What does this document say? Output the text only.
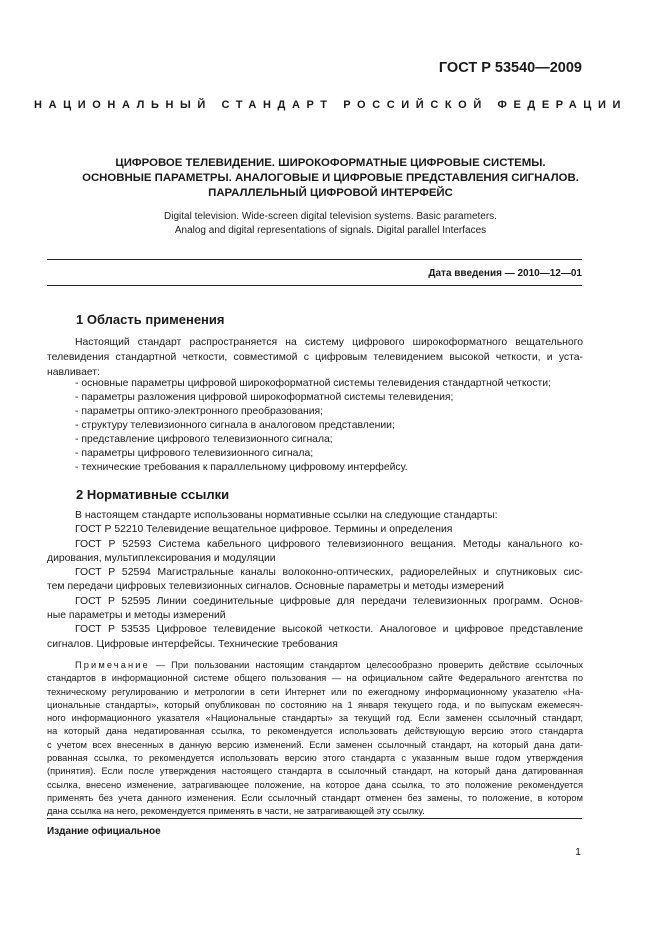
ГОСТ Р 53540—2009
НАЦИОНАЛЬНЫЙ СТАНДАРТ РОССИЙСКОЙ ФЕДЕРАЦИИ
ЦИФРОВОЕ ТЕЛЕВИДЕНИЕ. ШИРОКОФОРМАТНЫЕ ЦИФРОВЫЕ СИСТЕМЫ.
ОСНОВНЫЕ ПАРАМЕТРЫ. АНАЛОГОВЫЕ И ЦИФРОВЫЕ ПРЕДСТАВЛЕНИЯ СИГНАЛОВ.
ПАРАЛЛЕЛЬНЫЙ ЦИФРОВОЙ ИНТЕРФЕЙС
Digital television. Wide-screen digital television systems. Basic parameters.
Analog and digital representations of signals. Digital parallel Interfaces
Дата введения — 2010—12—01
1 Область применения
Настоящий стандарт распространяется на систему цифрового широкоформатного вещательного
телевидения стандартной четкости, совместимой с цифровым телевидением высокой четкости, и уста-
навливает:
- основные параметры цифровой широкоформатной системы телевидения стандартной четкости;
- параметры разложения цифровой широкоформатной системы телевидения;
- параметры оптико-электронного преобразования;
- структуру телевизионного сигнала в аналоговом представлении;
- представление цифрового телевизионного сигнала;
- параметры цифрового телевизионного сигнала;
- технические требования к параллельному цифровому интерфейсу.
2 Нормативные ссылки
В настоящем стандарте использованы нормативные ссылки на следующие стандарты:
ГОСТ Р 52210 Телевидение вещательное цифровое. Термины и определения
ГОСТ Р 52593 Система кабельного цифрового телевизионного вещания. Методы канального ко-
дирования, мультиплексирования и модуляции
ГОСТ Р 52594 Магистральные каналы волоконно-оптических, радиорелейных и спутниковых сис-
тем передачи цифровых телевизионных сигналов. Основные параметры и методы измерений
ГОСТ Р 52595 Линии соединительные цифровые для передачи телевизионных программ. Основ-
ные параметры и методы измерений
ГОСТ Р 53535 Цифровое телевидение высокой четкости. Аналоговое и цифровое представление
сигналов. Цифровые интерфейсы. Технические требования
Примечание — При пользовании настоящим стандартом целесообразно проверить действие ссылочных
стандартов в информационной системе общего пользования — на официальном сайте Федерального агентства по
техническому регулированию и метрологии в сети Интернет или по ежегодному информационному указателю «На-
циональные стандарты», который опубликован по состоянию на 1 января текущего года, и по выпускам ежемесяч-
ного информационного указателя «Национальные стандарты» за текущий год. Если заменен ссылочный стандарт,
на который дана недатированная ссылка, то рекомендуется использовать действующую версию этого стандарта
с учетом всех внесенных в данную версию изменений. Если заменен ссылочный стандарт, на который дана дати-
рованная ссылка, то рекомендуется использовать версию этого стандарта с указанным выше годом утверждения
(принятия). Если после утверждения настоящего стандарта в ссылочный стандарт, на который дана датированная
ссылка, внесено изменение, затрагивающее положение, на которое дана ссылка, то это положение рекомендуется
применять без учета данного изменения. Если ссылочный стандарт отменен без замены, то положение, в котором
дана ссылка на него, рекомендуется применять в части, не затрагивающей эту ссылку.
Издание официальное
1
